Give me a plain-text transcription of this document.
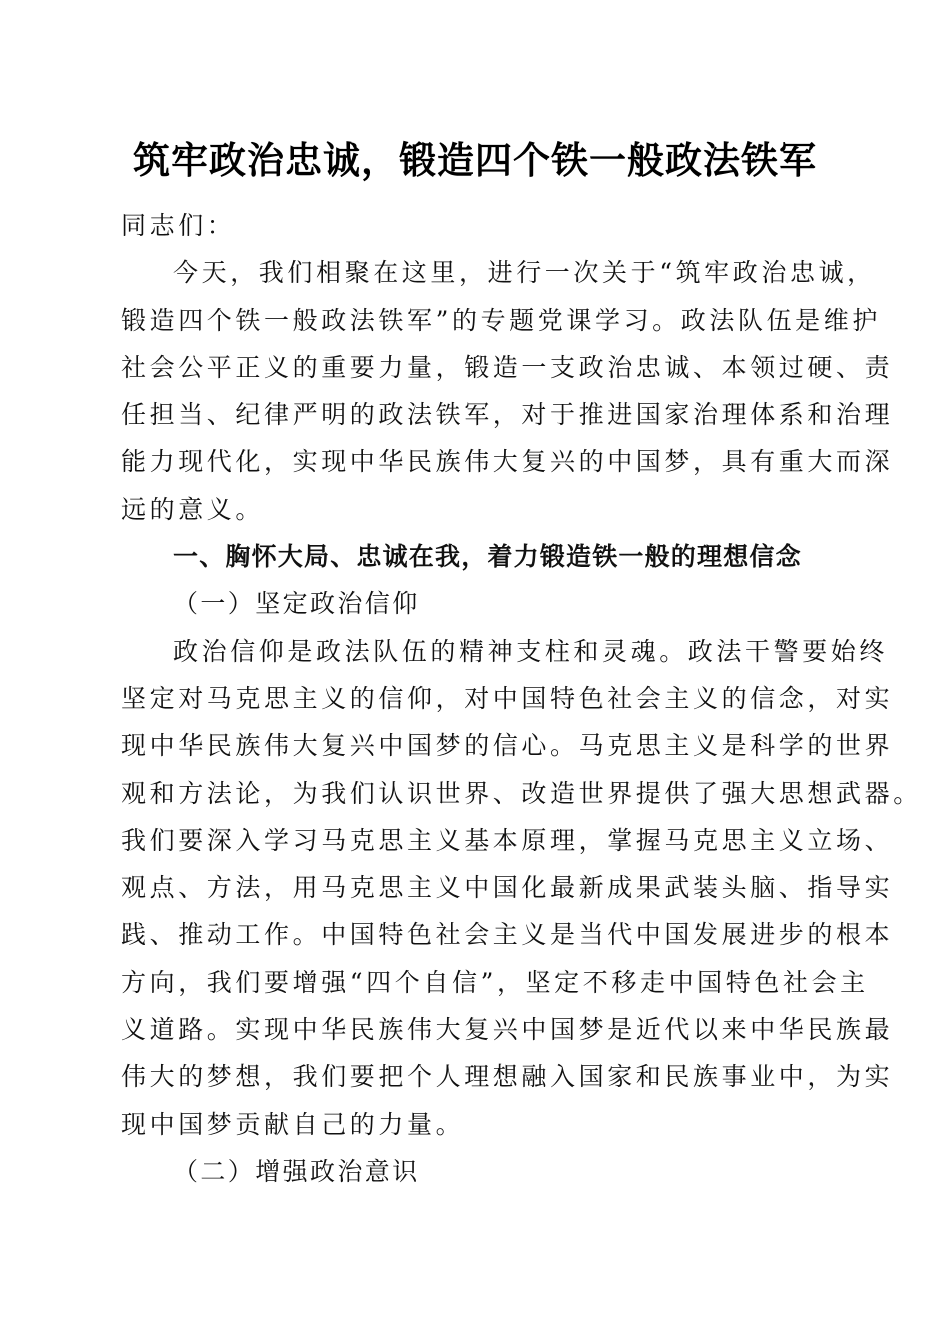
筑牢政治忠诚，锻造四个铁一般政法铁军
同志们：
今天，我们相聚在这里，进行一次关于“筑牢政治忠诚，
锻造四个铁一般政法铁军”的专题党课学习。政法队伍是维护
社会公平正义的重要力量，锻造一支政治忠诚、本领过硬、责
任担当、纪律严明的政法铁军，对于推进国家治理体系和治理
能力现代化，实现中华民族伟大复兴的中国梦，具有重大而深
远的意义。
一、胸怀大局、忠诚在我，着力锻造铁一般的理想信念
（一）坚定政治信仰
政治信仰是政法队伍的精神支柱和灵魂。政法干警要始终
坚定对马克思主义的信仰，对中国特色社会主义的信念，对实
现中华民族伟大复兴中国梦的信心。马克思主义是科学的世界
观和方法论，为我们认识世界、改造世界提供了强大思想武器。
我们要深入学习马克思主义基本原理，掌握马克思主义立场、
观点、方法，用马克思主义中国化最新成果武装头脑、指导实
践、推动工作。中国特色社会主义是当代中国发展进步的根本
方向，我们要增强“四个自信”，坚定不移走中国特色社会主
义道路。实现中华民族伟大复兴中国梦是近代以来中华民族最
伟大的梦想，我们要把个人理想融入国家和民族事业中，为实
现中国梦贡献自己的力量。
（二）增强政治意识
